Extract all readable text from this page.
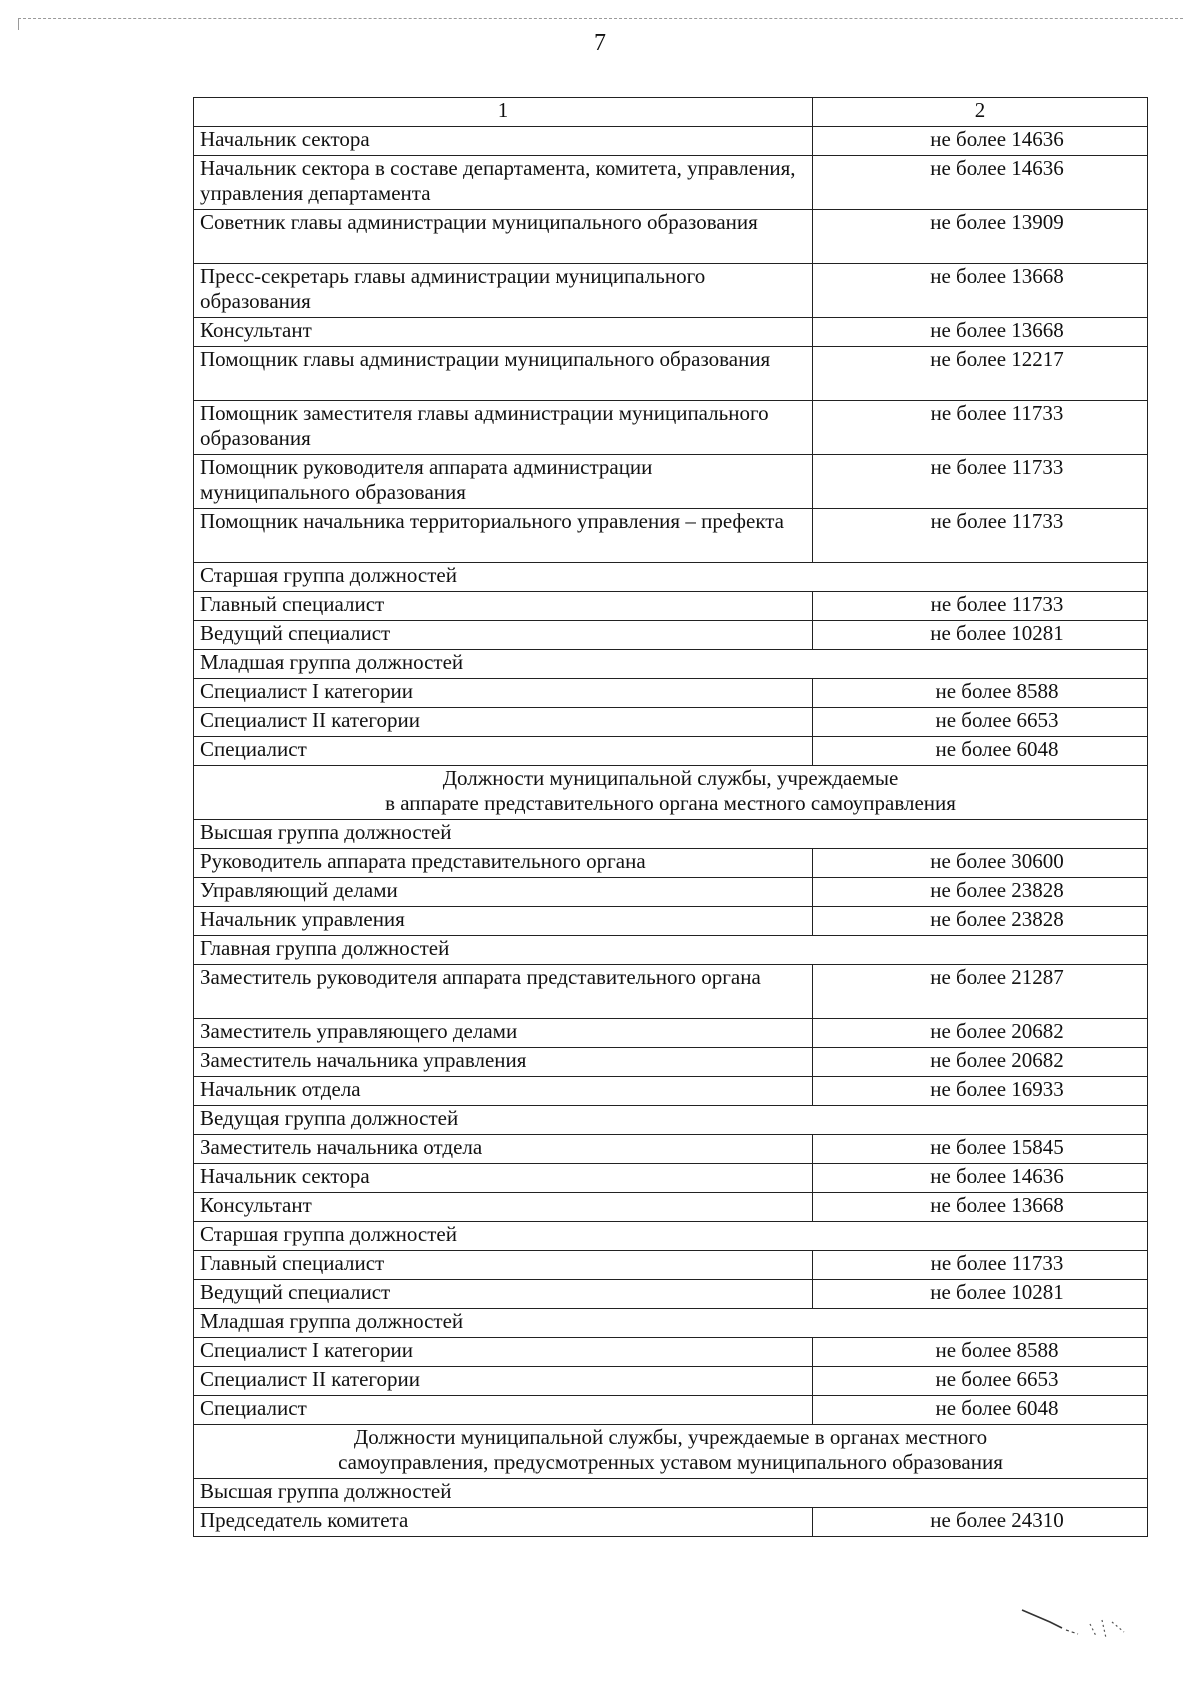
7
1	2
Начальник сектора	не более 14636
Начальник сектора в составе департамента, комитета, управления, управления департамента	не более 14636
Советник главы администрации муниципального образования	не более 13909
Пресс-секретарь главы администрации муниципального образования	не более 13668
Консультант	не более 13668
Помощник главы администрации муниципального образования	не более 12217
Помощник заместителя главы администрации муниципального образования	не более 11733
Помощник руководителя аппарата администрации муниципального образования	не более 11733
Помощник начальника территориального управления – префекта	не более 11733
Старшая группа должностей	
Главный специалист	не более 11733
Ведущий специалист	не более 10281
Младшая группа должностей	
Специалист I категории	не более 8588
Специалист II категории	не более 6653
Специалист	не более 6048

Должности муниципальной службы, учреждаемые
в аппарате представительного органа местного самоуправления	

Высшая группа должностей	
Руководитель аппарата представительного органа	не более 30600
Управляющий делами	не более 23828
Начальник управления	не более 23828
Главная группа должностей	
Заместитель руководителя аппарата представительного органа	не более 21287
Заместитель управляющего делами	не более 20682
Заместитель начальника управления	не более 20682
Начальник отдела	не более 16933
Ведущая группа должностей	
Заместитель начальника отдела	не более 15845
Начальник сектора	не более 14636
Консультант	не более 13668
Старшая группа должностей	
Главный специалист	не более 11733
Ведущий специалист	не более 10281
Младшая группа должностей	
Специалист I категории	не более 8588
Специалист II категории	не более 6653
Специалист	не более 6048

Должности муниципальной службы, учреждаемые в органах местного
самоуправления, предусмотренных уставом муниципального образования	

Высшая группа должностей	
Председатель комитета	не более 24310
